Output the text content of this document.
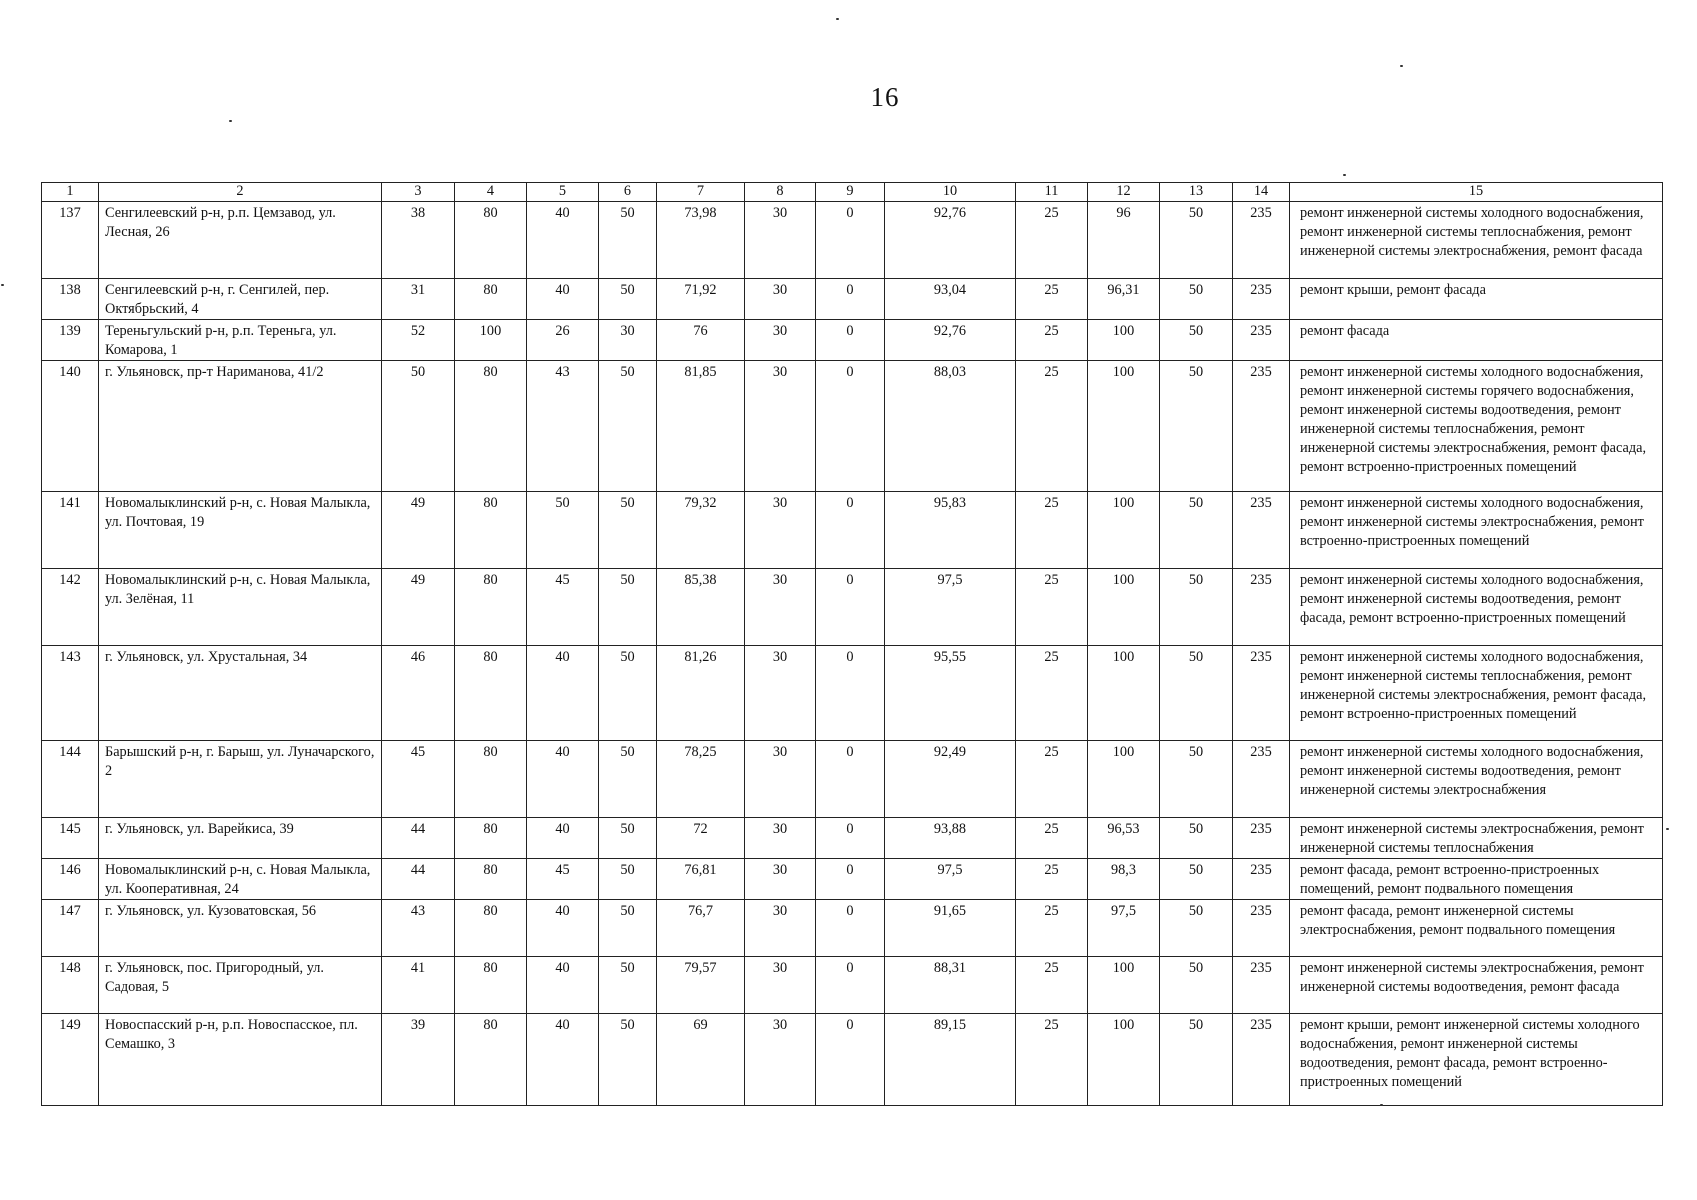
16
1	2	3	4	5	6	7	8	9	10	11	12	13	14	15
137	Сенгилеевский р-н, р.п. Цемзавод, ул. Лесная, 26	38	80	40	50	73,98	30	0	92,76	25	96	50	235	ремонт инженерной системы холодного водоснабжения, ремонт инженерной системы теплоснабжения, ремонт инженерной системы электроснабжения, ремонт фасада
138	Сенгилеевский р-н, г. Сенгилей, пер. Октябрьский, 4	31	80	40	50	71,92	30	0	93,04	25	96,31	50	235	ремонт крыши, ремонт фасада
139	Тереньгульский р-н, р.п. Тереньга, ул. Комарова, 1	52	100	26	30	76	30	0	92,76	25	100	50	235	ремонт фасада
140	г. Ульяновск, пр-т Нариманова, 41/2	50	80	43	50	81,85	30	0	88,03	25	100	50	235	ремонт инженерной системы холодного водоснабжения, ремонт инженерной системы горячего водоснабжения, ремонт инженерной системы водоотведения, ремонт инженерной системы теплоснабжения, ремонт инженерной системы электроснабжения, ремонт фасада, ремонт встроенно-пристроенных помещений
141	Новомалыклинский р-н, с. Новая Малыкла, ул. Почтовая, 19	49	80	50	50	79,32	30	0	95,83	25	100	50	235	ремонт инженерной системы холодного водоснабжения, ремонт инженерной системы электроснабжения, ремонт встроенно-пристроенных помещений
142	Новомалыклинский р-н, с. Новая Малыкла, ул. Зелёная, 11	49	80	45	50	85,38	30	0	97,5	25	100	50	235	ремонт инженерной системы холодного водоснабжения, ремонт инженерной системы водоотведения, ремонт фасада, ремонт встроенно-пристроенных помещений
143	г. Ульяновск, ул. Хрустальная, 34	46	80	40	50	81,26	30	0	95,55	25	100	50	235	ремонт инженерной системы холодного водоснабжения, ремонт инженерной системы теплоснабжения, ремонт инженерной системы электроснабжения, ремонт фасада, ремонт встроенно-пристроенных помещений
144	Барышский р-н, г. Барыш, ул. Луначарского, 2	45	80	40	50	78,25	30	0	92,49	25	100	50	235	ремонт инженерной системы холодного водоснабжения, ремонт инженерной системы водоотведения, ремонт инженерной системы электроснабжения
145	г. Ульяновск, ул. Варейкиса, 39	44	80	40	50	72	30	0	93,88	25	96,53	50	235	ремонт инженерной системы электроснабжения, ремонт инженерной системы теплоснабжения
146	Новомалыклинский р-н, с. Новая Малыкла, ул. Кооперативная, 24	44	80	45	50	76,81	30	0	97,5	25	98,3	50	235	ремонт фасада, ремонт встроенно-пристроенных помещений, ремонт подвального помещения
147	г. Ульяновск, ул. Кузоватовская, 56	43	80	40	50	76,7	30	0	91,65	25	97,5	50	235	ремонт фасада, ремонт инженерной системы электроснабжения, ремонт подвального помещения
148	г. Ульяновск, пос. Пригородный, ул. Садовая, 5	41	80	40	50	79,57	30	0	88,31	25	100	50	235	ремонт инженерной системы электроснабжения, ремонт инженерной системы водоотведения, ремонт фасада
149	Новоспасский р-н, р.п. Новоспасское, пл. Семашко, 3	39	80	40	50	69	30	0	89,15	25	100	50	235	ремонт крыши, ремонт инженерной системы холодного водоснабжения, ремонт инженерной системы водоотведения, ремонт фасада, ремонт встроенно-пристроенных помещений
